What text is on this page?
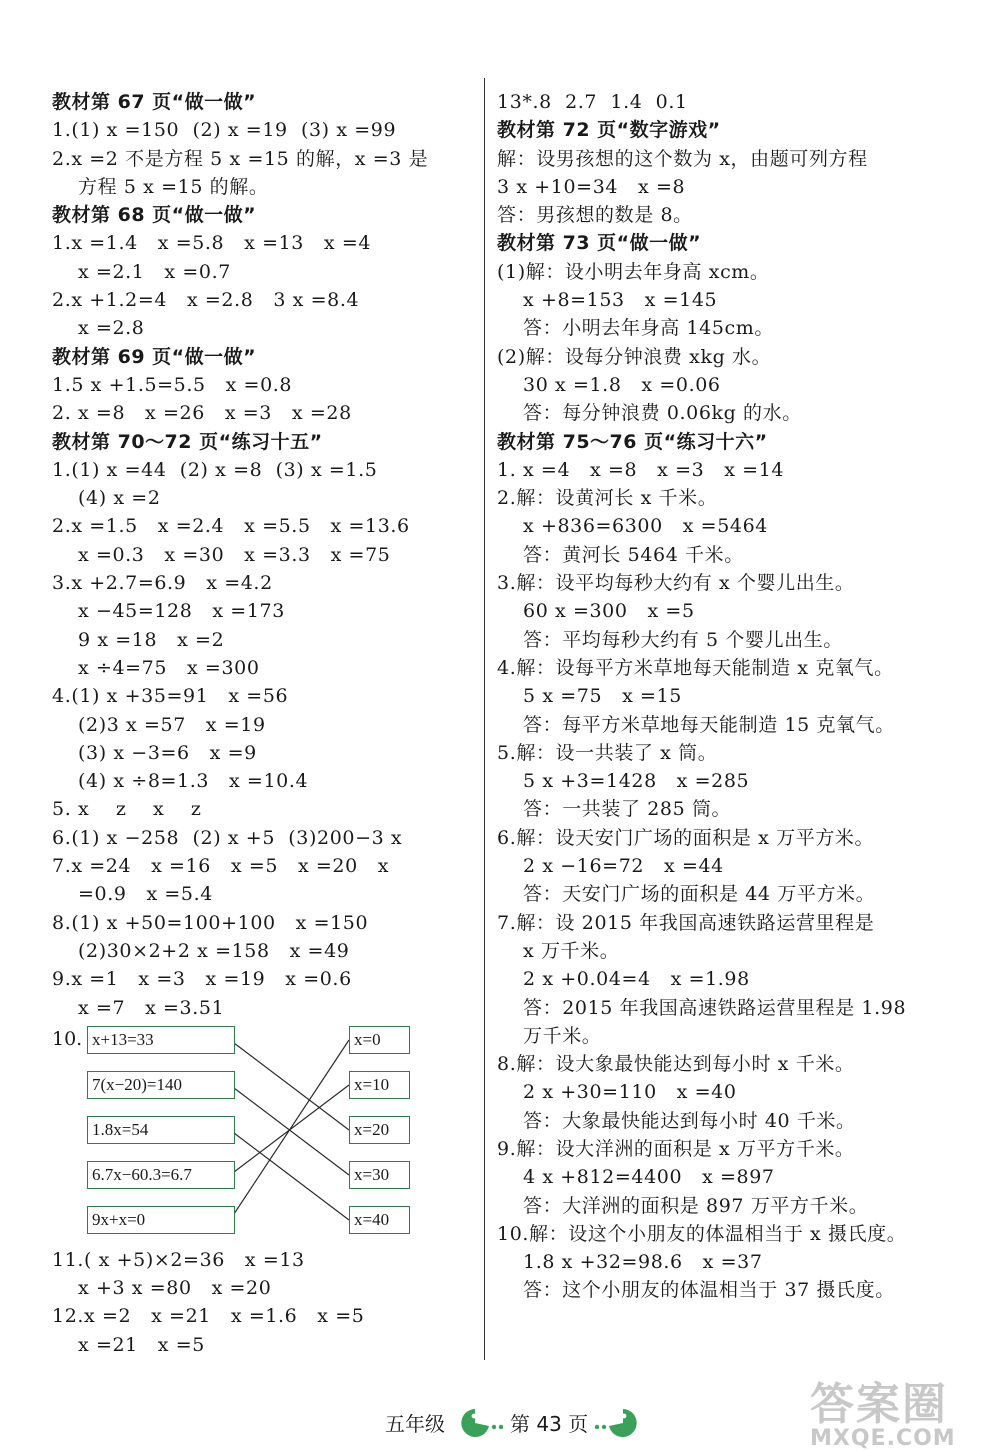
教材第 67 页“做一做”
1.(1) x =150  (2) x =19  (3) x =99
2.x =2 不是方程 5 x =15 的解，x =3 是
方程 5 x =15 的解。
教材第 68 页“做一做”
1.x =1.4   x =5.8   x =13   x =4
x =2.1   x =0.7
2.x +1.2=4   x =2.8   3 x =8.4
x =2.8
教材第 69 页“做一做”
1.5 x +1.5=5.5   x =0.8
2. x =8   x =26   x =3   x =28
教材第 70～72 页“练习十五”
1.(1) x =44  (2) x =8  (3) x =1.5
(4) x =2
2.x =1.5   x =2.4   x =5.5   x =13.6
x =0.3   x =30   x =3.3   x =75
3.x +2.7=6.9   x =4.2
x −45=128   x =173
9 x =18   x =2
x ÷4=75   x =300
4.(1) x +35=91   x =56
(2)3 x =57   x =19
(3) x −3=6   x =9
(4) x ÷8=1.3   x =10.4
5. x    z    x    z
6.(1) x −258  (2) x +5  (3)200−3 x
7.x =24   x =16   x =5   x =20   x
=0.9   x =5.4
8.(1) x +50=100+100   x =150
(2)30×2+2 x =158   x =49
9.x =1   x =3   x =19   x =0.6
x =7   x =3.51
10. x+13=33
7(x−20)=140
1.8x=54
6.7x−60.3=6.7
9x+x=0
x=0
x=10
x=20
x=30
x=40
11.( x +5)×2=36   x =13
x +3 x =80   x =20
12.x =2   x =21   x =1.6   x =5
x =21   x =5
13*.8  2.7  1.4  0.1
教材第 72 页“数字游戏”
解：设男孩想的这个数为 x，由题可列方程
3 x +10=34   x =8
答：男孩想的数是 8。
教材第 73 页“做一做”
(1)解：设小明去年身高 xcm。
x +8=153   x =145
答：小明去年身高 145cm。
(2)解：设每分钟浪费 xkg 水。
30 x =1.8   x =0.06
答：每分钟浪费 0.06kg 的水。
教材第 75～76 页“练习十六”
1. x =4   x =8   x =3   x =14
2.解：设黄河长 x 千米。
x +836=6300   x =5464
答：黄河长 5464 千米。
3.解：设平均每秒大约有 x 个婴儿出生。
60 x =300   x =5
答：平均每秒大约有 5 个婴儿出生。
4.解：设每平方米草地每天能制造 x 克氧气。
5 x =75   x =15
答：每平方米草地每天能制造 15 克氧气。
5.解：设一共装了 x 筒。
5 x +3=1428   x =285
答：一共装了 285 筒。
6.解：设天安门广场的面积是 x 万平方米。
2 x −16=72   x =44
答：天安门广场的面积是 44 万平方米。
7.解：设 2015 年我国高速铁路运营里程是
x 万千米。
2 x +0.04=4   x =1.98
答：2015 年我国高速铁路运营里程是 1.98
万千米。
8.解：设大象最快能达到每小时 x 千米。
2 x +30=110   x =40
答：大象最快能达到每小时 40 千米。
9.解：设大洋洲的面积是 x 万平方千米。
4 x +812=4400   x =897
答：大洋洲的面积是 897 万平方千米。
10.解：设这个小朋友的体温相当于 x 摄氏度。
1.8 x +32=98.6   x =37
答：这个小朋友的体温相当于 37 摄氏度。
五年级	第 43 页	答案圈
MXQE.COM
